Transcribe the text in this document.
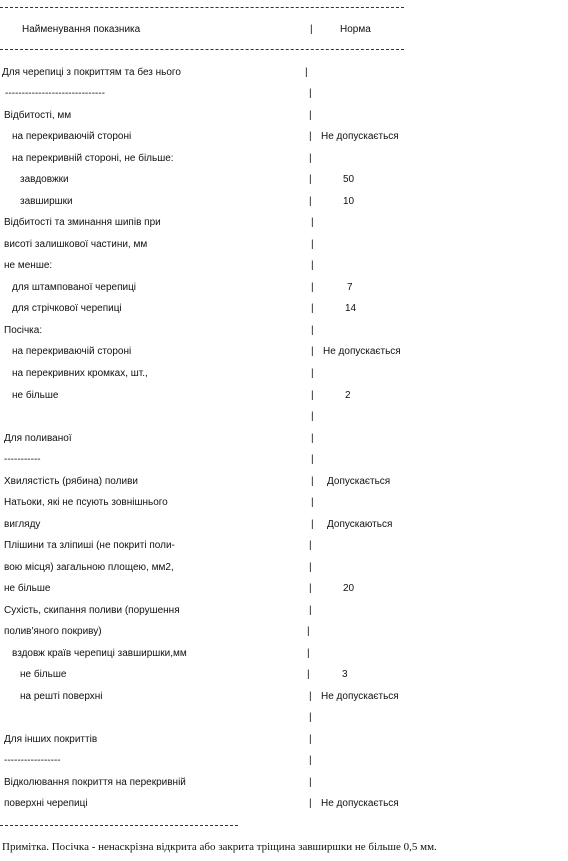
Найменування показника	|	Норма
Для черепиці з покриттям та без нього	|
------------------------------	|
Відбитості, мм	|
на перекриваючій стороні	| Не допускається
на перекривній стороні, не більше:	|
завдовжки	|	50
завширшки	|	10
Відбитості та зминання шипів при	|
висоті залишкової частини, мм	|
не менше:	|
для штампованої черепиці	|	7
для стрічкової черепиці	|	14
Посічка:	|
на перекриваючій стороні	| Не допускається
на перекривних кромках, шт.,	|
не більше	|	2
|
Для поливаної	|
-----------	|
Хвилястість (рябина) поливи	| Допускається
Натьоки, які не псують зовнішнього	|
вигляду	| Допускаються
Плішини та зліпиші (не покриті поли-	|
вою місця) загальною площею, мм2,	|
не більше	|	20
Сухість, скипання поливи (порушення	|
полив'яного покриву)	|
вздовж країв черепиці завширшки,мм	|
не більше	|	3
на решті поверхні	| Не допускається
|
Для інших покриттів	|
-----------------	|
Відколювання покриття на перекривній	|
поверхні черепиці	| Не допускається
Примітка. Посічка - ненаскрізна відкрита або закрита тріщина завширшки не більше 0,5 мм.
